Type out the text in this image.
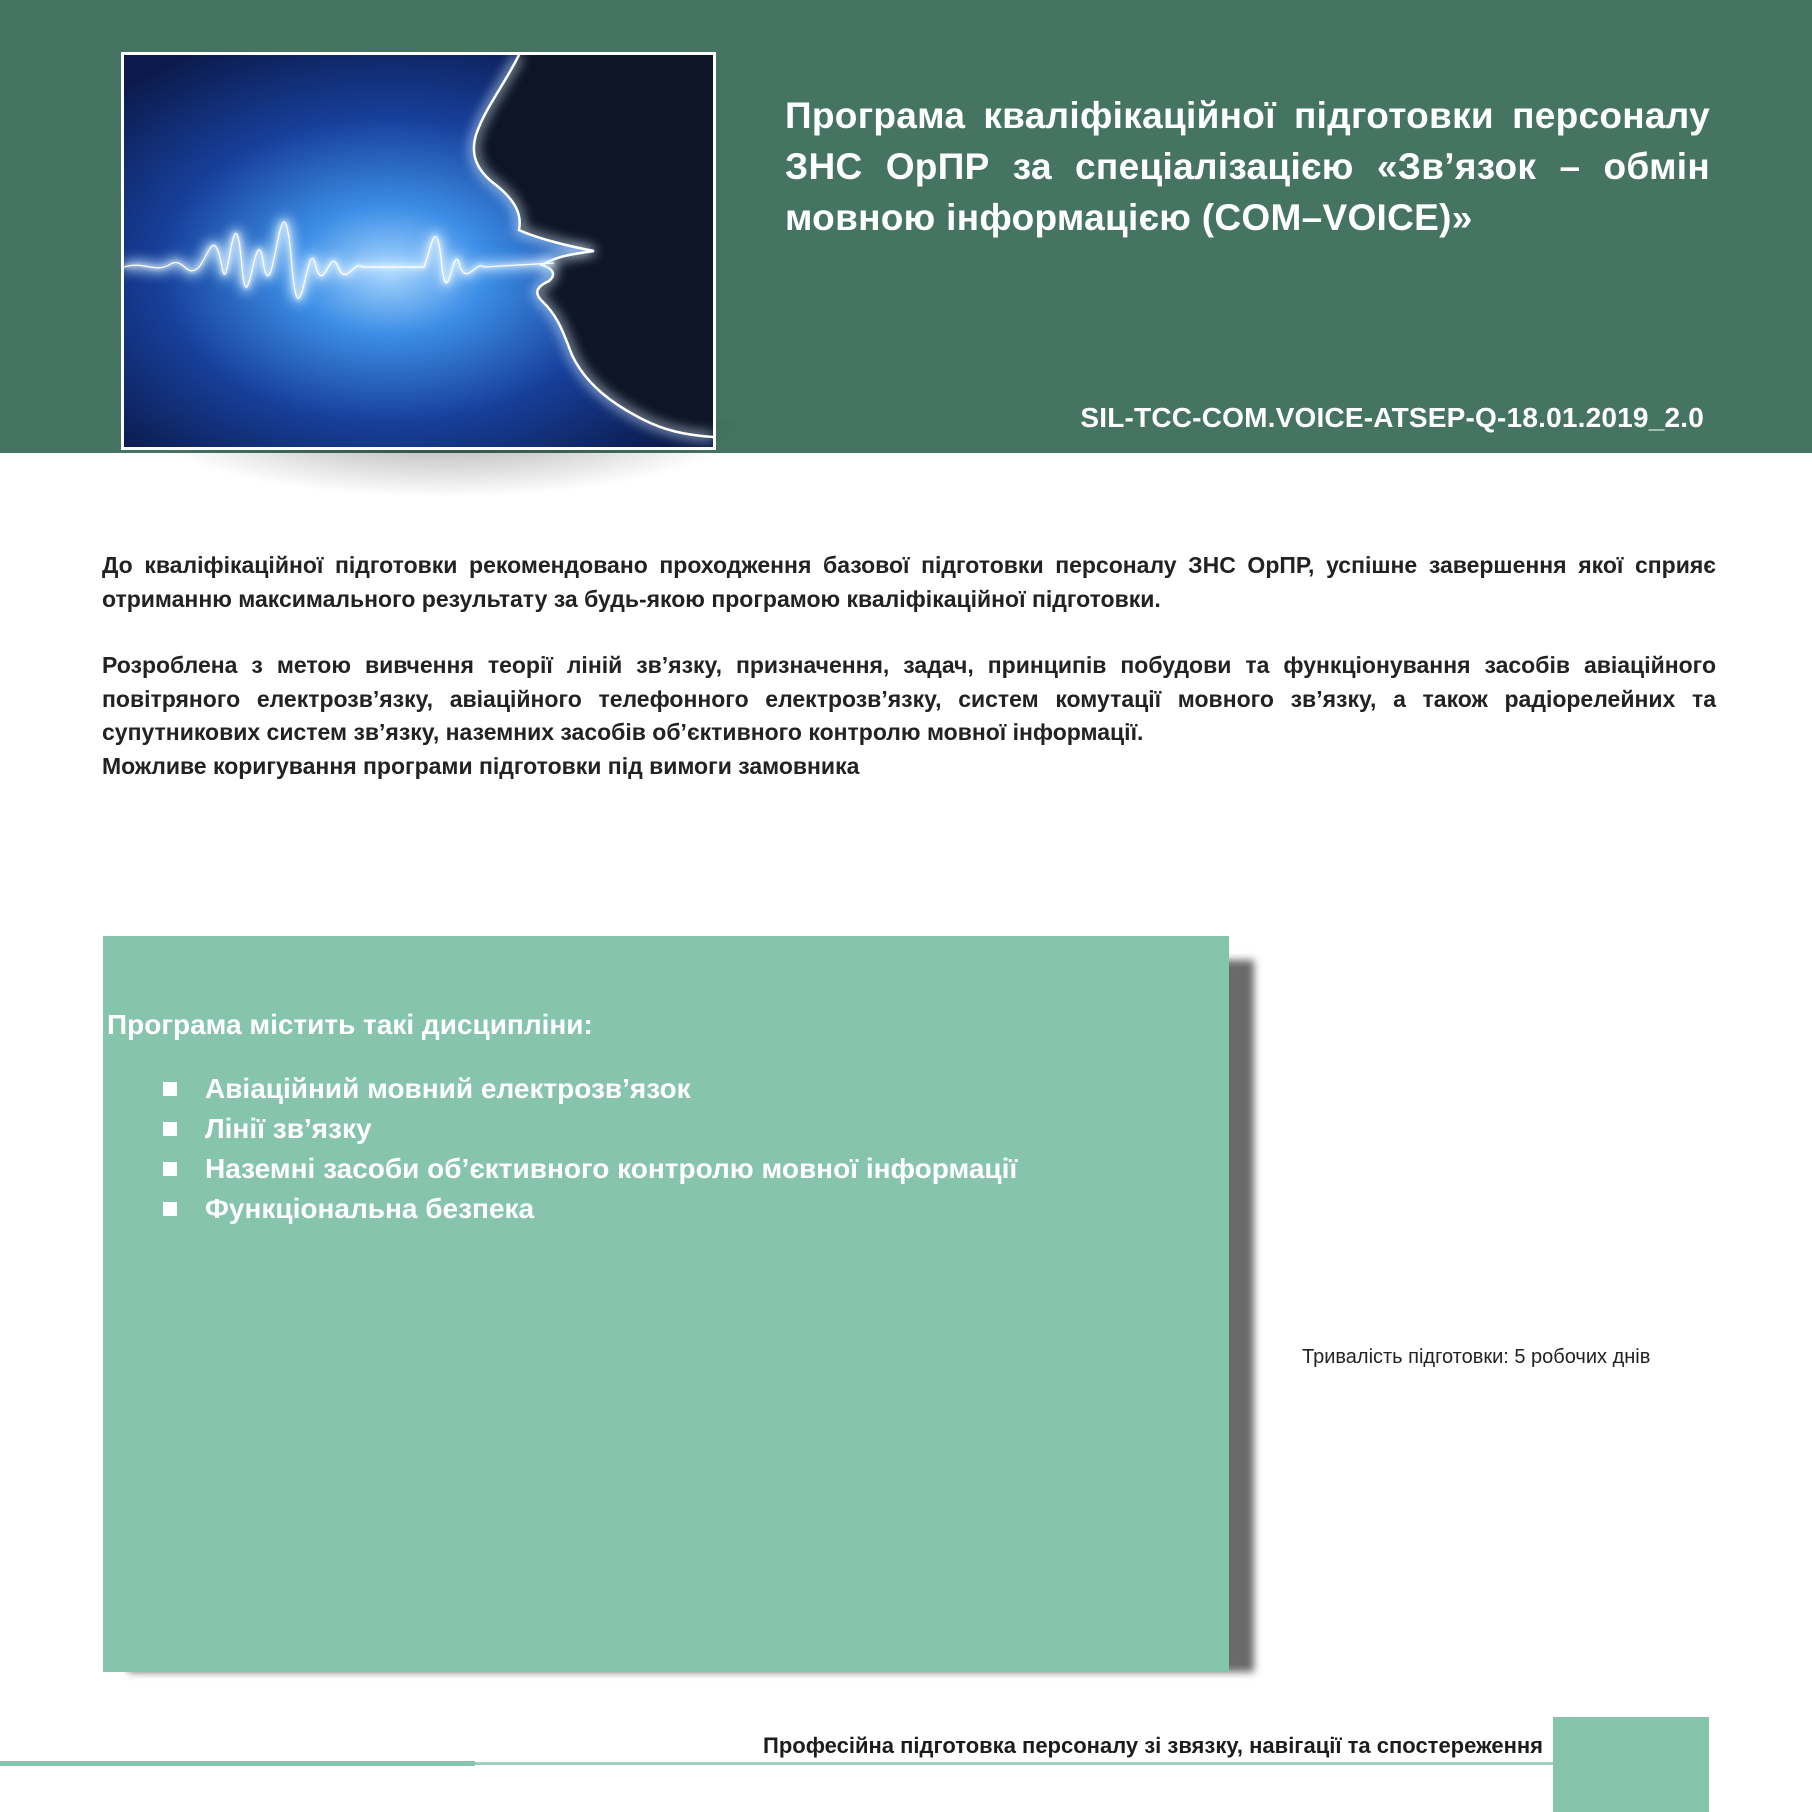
Програма кваліфікаційної підготовки персоналу ЗНС ОрПР за спеціалізацією «Зв’язок – обмін мовною інформацією (COM–VOICE)»
SIL-TCC-COM.VOICE-ATSEP-Q-18.01.2019_2.0

До кваліфікаційної підготовки рекомендовано проходження базової підготовки персоналу ЗНС ОрПР, успішне завершення якої сприяє отриманню максимального результату за будь-якою програмою кваліфікаційної підготовки.

Розроблена з метою вивчення теорії ліній зв’язку, призначення, задач, принципів побудови та функціонування засобів авіаційного повітряного електрозв’язку, авіаційного телефонного електрозв’язку, систем комутації мовного зв’язку, а також радіорелейних та супутникових систем зв’язку, наземних засобів об’єктивного контролю мовної інформації.

Можливе коригування програми підготовки під вимоги замовника

Програма містить такі дисципліни:
Авіаційний мовний електрозв’язок
Лінії зв’язку
Наземні засоби об’єктивного контролю мовної інформації
Функціональна безпека
Тривалість підготовки: 5 робочих днів
Професійна підготовка персоналу зі звязку, навігації та спостереження
